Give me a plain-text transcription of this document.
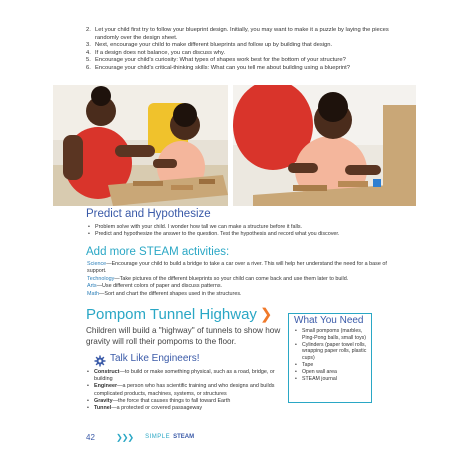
2. Let your child first try to follow your blueprint design. Initially, you may want to make it a puzzle by laying the pieces randomly over the design sheet.
3. Next, encourage your child to make different blueprints and follow up by building that design.
4. If a design does not balance, you can discuss why.
5. Encourage your child's curiosity: What types of shapes work best for the bottom of your structure?
6. Encourage your child's critical-thinking skills: What can you tell me about building using a blueprint?
Predict and Hypothesize
• Problem solve with your child. I wonder how tall we can make a structure before it falls.
• Predict and hypothesize the answer to the question. Test the hypothesis and record what you discover.
Add more STEAM activities:
Science—Encourage your child to build a bridge to take a car over a river. This will help her understand the need for a base of support.
Technology—Take pictures of the different blueprints so your child can come back and use them later to build.
Arts—Use different colors of paper and discuss patterns.
Math—Sort and chart the different shapes used in the structures.
Pompom Tunnel Highway ❯
Children will build a "highway" of tunnels to show how gravity will roll their pompoms to the floor.
Talk Like Engineers!
• Construct—to build or make something physical, such as a road, bridge, or building
• Engineer—a person who has scientific training and who designs and builds complicated products, machines, systems, or structures
• Gravity—the force that causes things to fall toward Earth
• Tunnel—a protected or covered passageway
What You Need
• Small pompoms (marbles, Ping-Pong balls, small toys)
• Cylinders (paper towel rolls, wrapping paper rolls, plastic cups)
• Tape
• Open wall area
• STEAM journal
42	❯❯❯ SIMPLE STEAM
